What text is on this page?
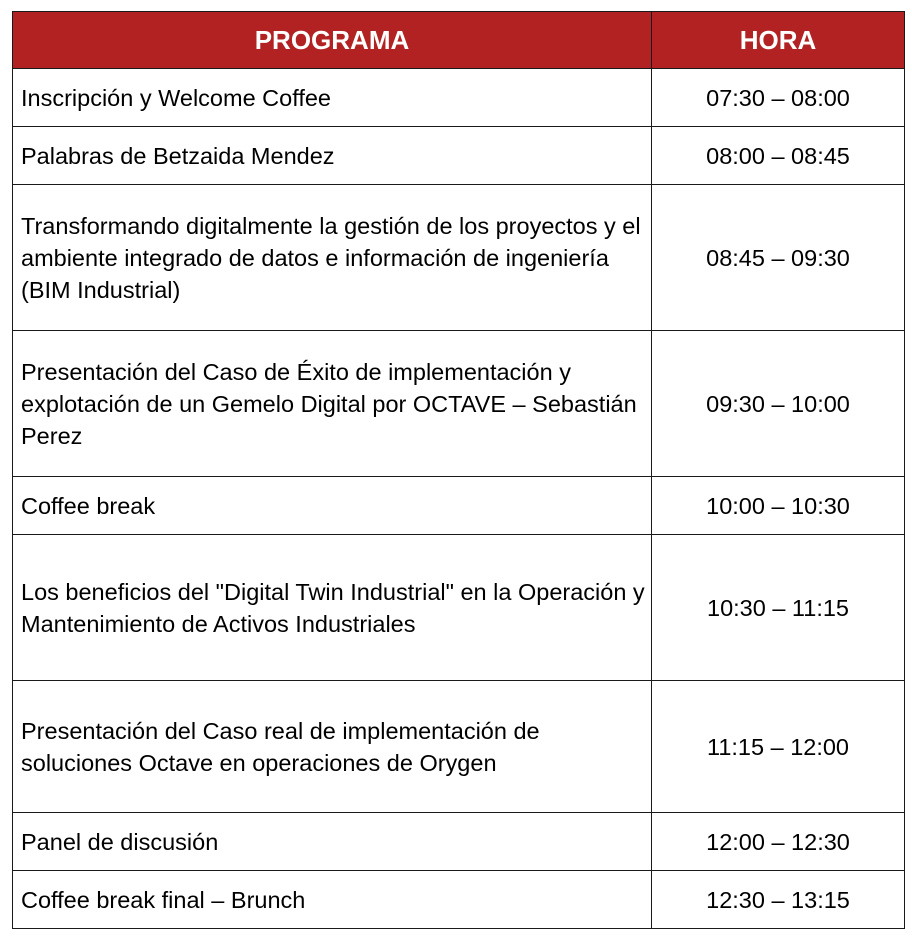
PROGRAMA	HORA
Inscripción y Welcome Coffee	07:30 – 08:00
Palabras de Betzaida Mendez	08:00 – 08:45
Transformando digitalmente la gestión de los proyectos y el ambiente integrado de datos e información de ingeniería (BIM Industrial)	08:45 – 09:30
Presentación del Caso de Éxito de implementación y explotación de un Gemelo Digital por OCTAVE – Sebastián Perez	09:30 – 10:00
Coffee break	10:00 – 10:30
Los beneficios del "Digital Twin Industrial" en la Operación y Mantenimiento de Activos Industriales	10:30 – 11:15
Presentación del Caso real de implementación de soluciones Octave en operaciones de Orygen	11:15 – 12:00
Panel de discusión	12:00 – 12:30
Coffee break final – Brunch	12:30 – 13:15
